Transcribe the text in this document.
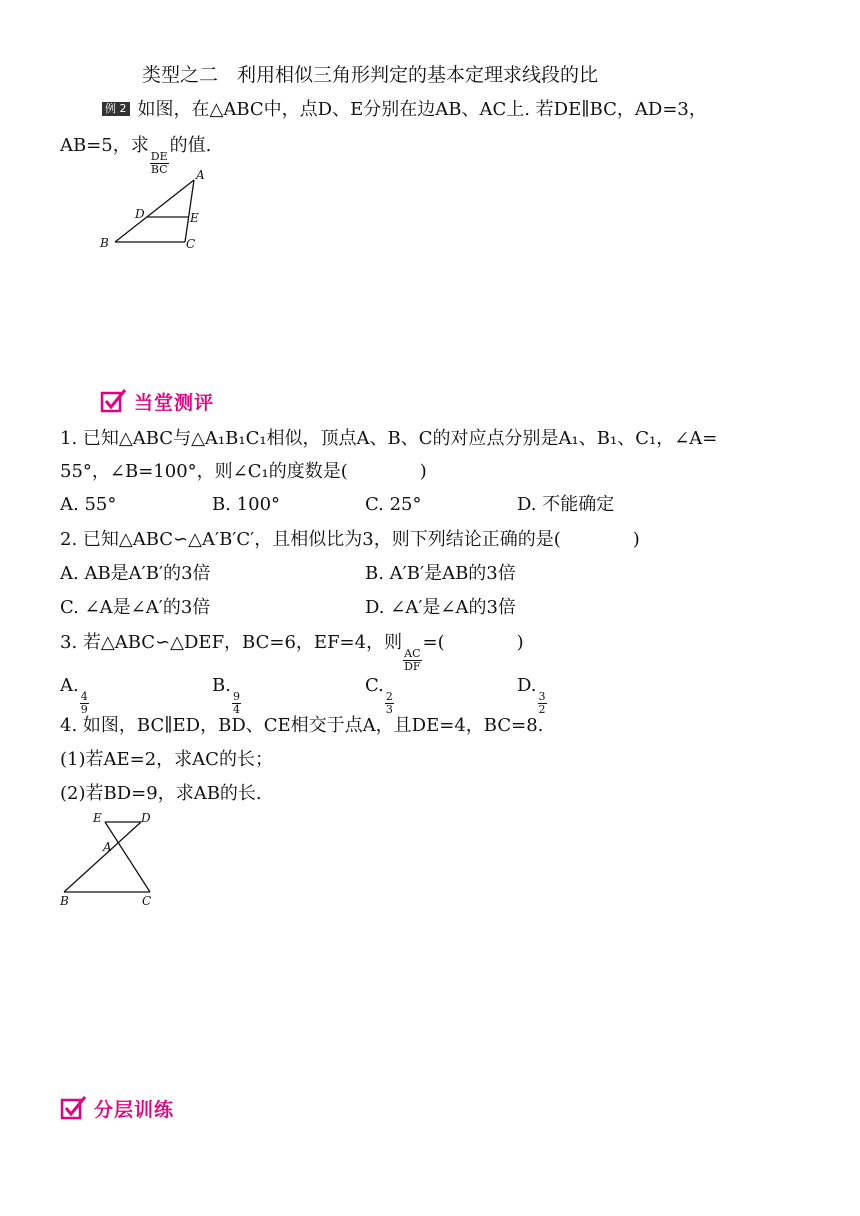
类型之二　利用相似三角形判定的基本定理求线段的比
例 2 如图，在△ABC中，点D、E分别在边AB、AC上. 若DE∥BC，AD=3，
AB=5，求
$\frac{DE}{BC}$
的值.
A
D	E
B	C
当堂测评
1. 已知△ABC与△A₁B₁C₁相似，顶点A、B、C的对应点分别是A₁、B₁、C₁，∠A=
55°，∠B=100°，则∠C₁的度数是(　　　　)
A. 55°	B. 100°	C. 25°	D. 不能确定
2. 已知△ABC∽△A′B′C′，且相似比为3，则下列结论正确的是(　　　　)
A. AB是A′B′的3倍	B. A′B′是AB的3倍
C. ∠A是∠A′的3倍	D. ∠A′是∠A的3倍
3. 若△ABC∽△DEF，BC=6，EF=4，则
$\frac{AC}{DF}$
=(　　　　)
A.
$\frac{4}{9}$
B.
$\frac{9}{4}$
C.
$\frac{2}{3}$
D.
$\frac{3}{2}$
4. 如图，BC∥ED，BD、CE相交于点A，且DE=4，BC=8.
(1)若AE=2，求AC的长；
(2)若BD=9，求AB的长.
E	D
A
B	C
分层训练
